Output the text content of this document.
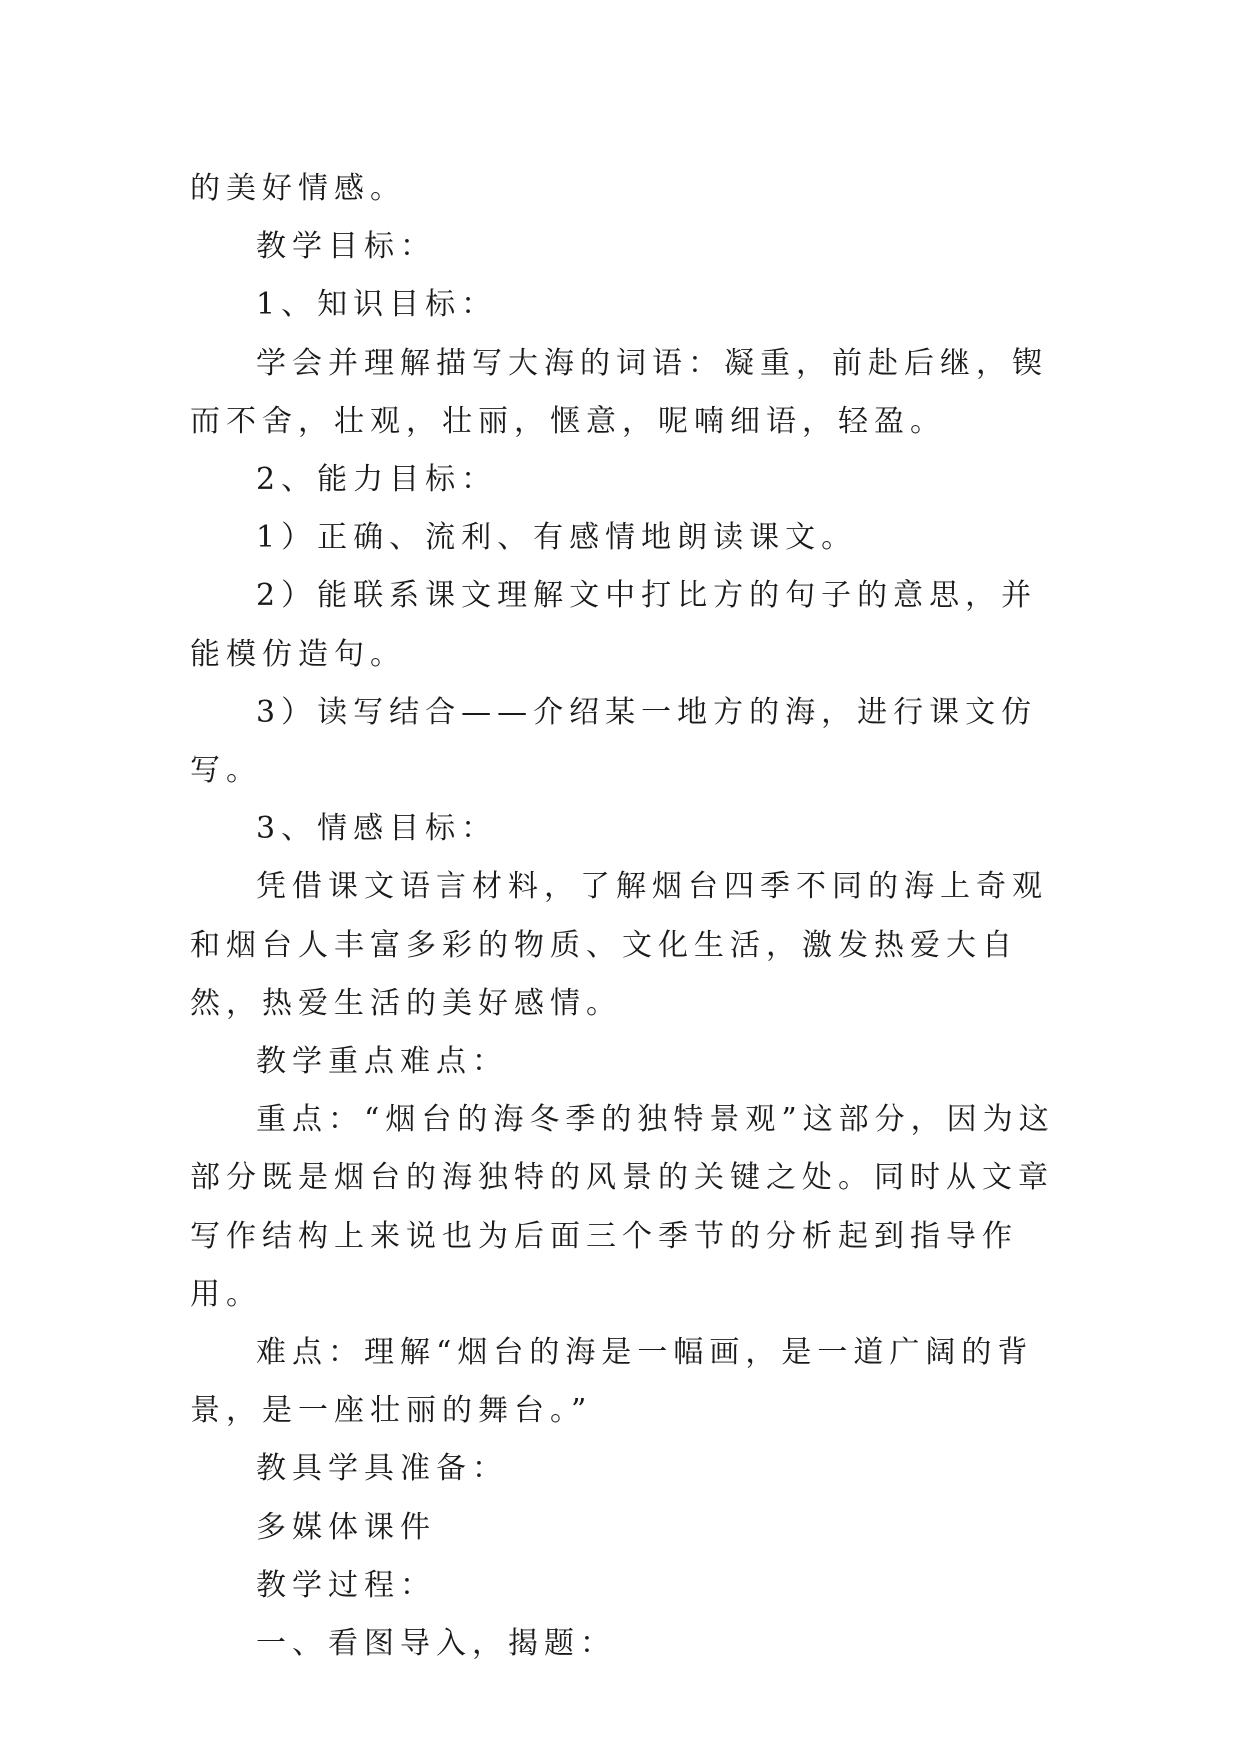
的美好情感。

教学目标：

1、知识目标：

学会并理解描写大海的词语：凝重，前赴后继，锲而不舍，壮观，壮丽，惬意，呢喃细语，轻盈。

2、能力目标：

1）正确、流利、有感情地朗读课文。

2）能联系课文理解文中打比方的句子的意思，并能模仿造句。

3）读写结合——介绍某一地方的海，进行课文仿写。

3、情感目标：

凭借课文语言材料，了解烟台四季不同的海上奇观和烟台人丰富多彩的物质、文化生活，激发热爱大自然，热爱生活的美好感情。

教学重点难点：

重点：“烟台的海冬季的独特景观”这部分，因为这部分既是烟台的海独特的风景的关键之处。同时从文章写作结构上来说也为后面三个季节的分析起到指导作用。

难点：理解“烟台的海是一幅画，是一道广阔的背景，是一座壮丽的舞台。”

教具学具准备：

多媒体课件

教学过程：

一、看图导入，揭题：
